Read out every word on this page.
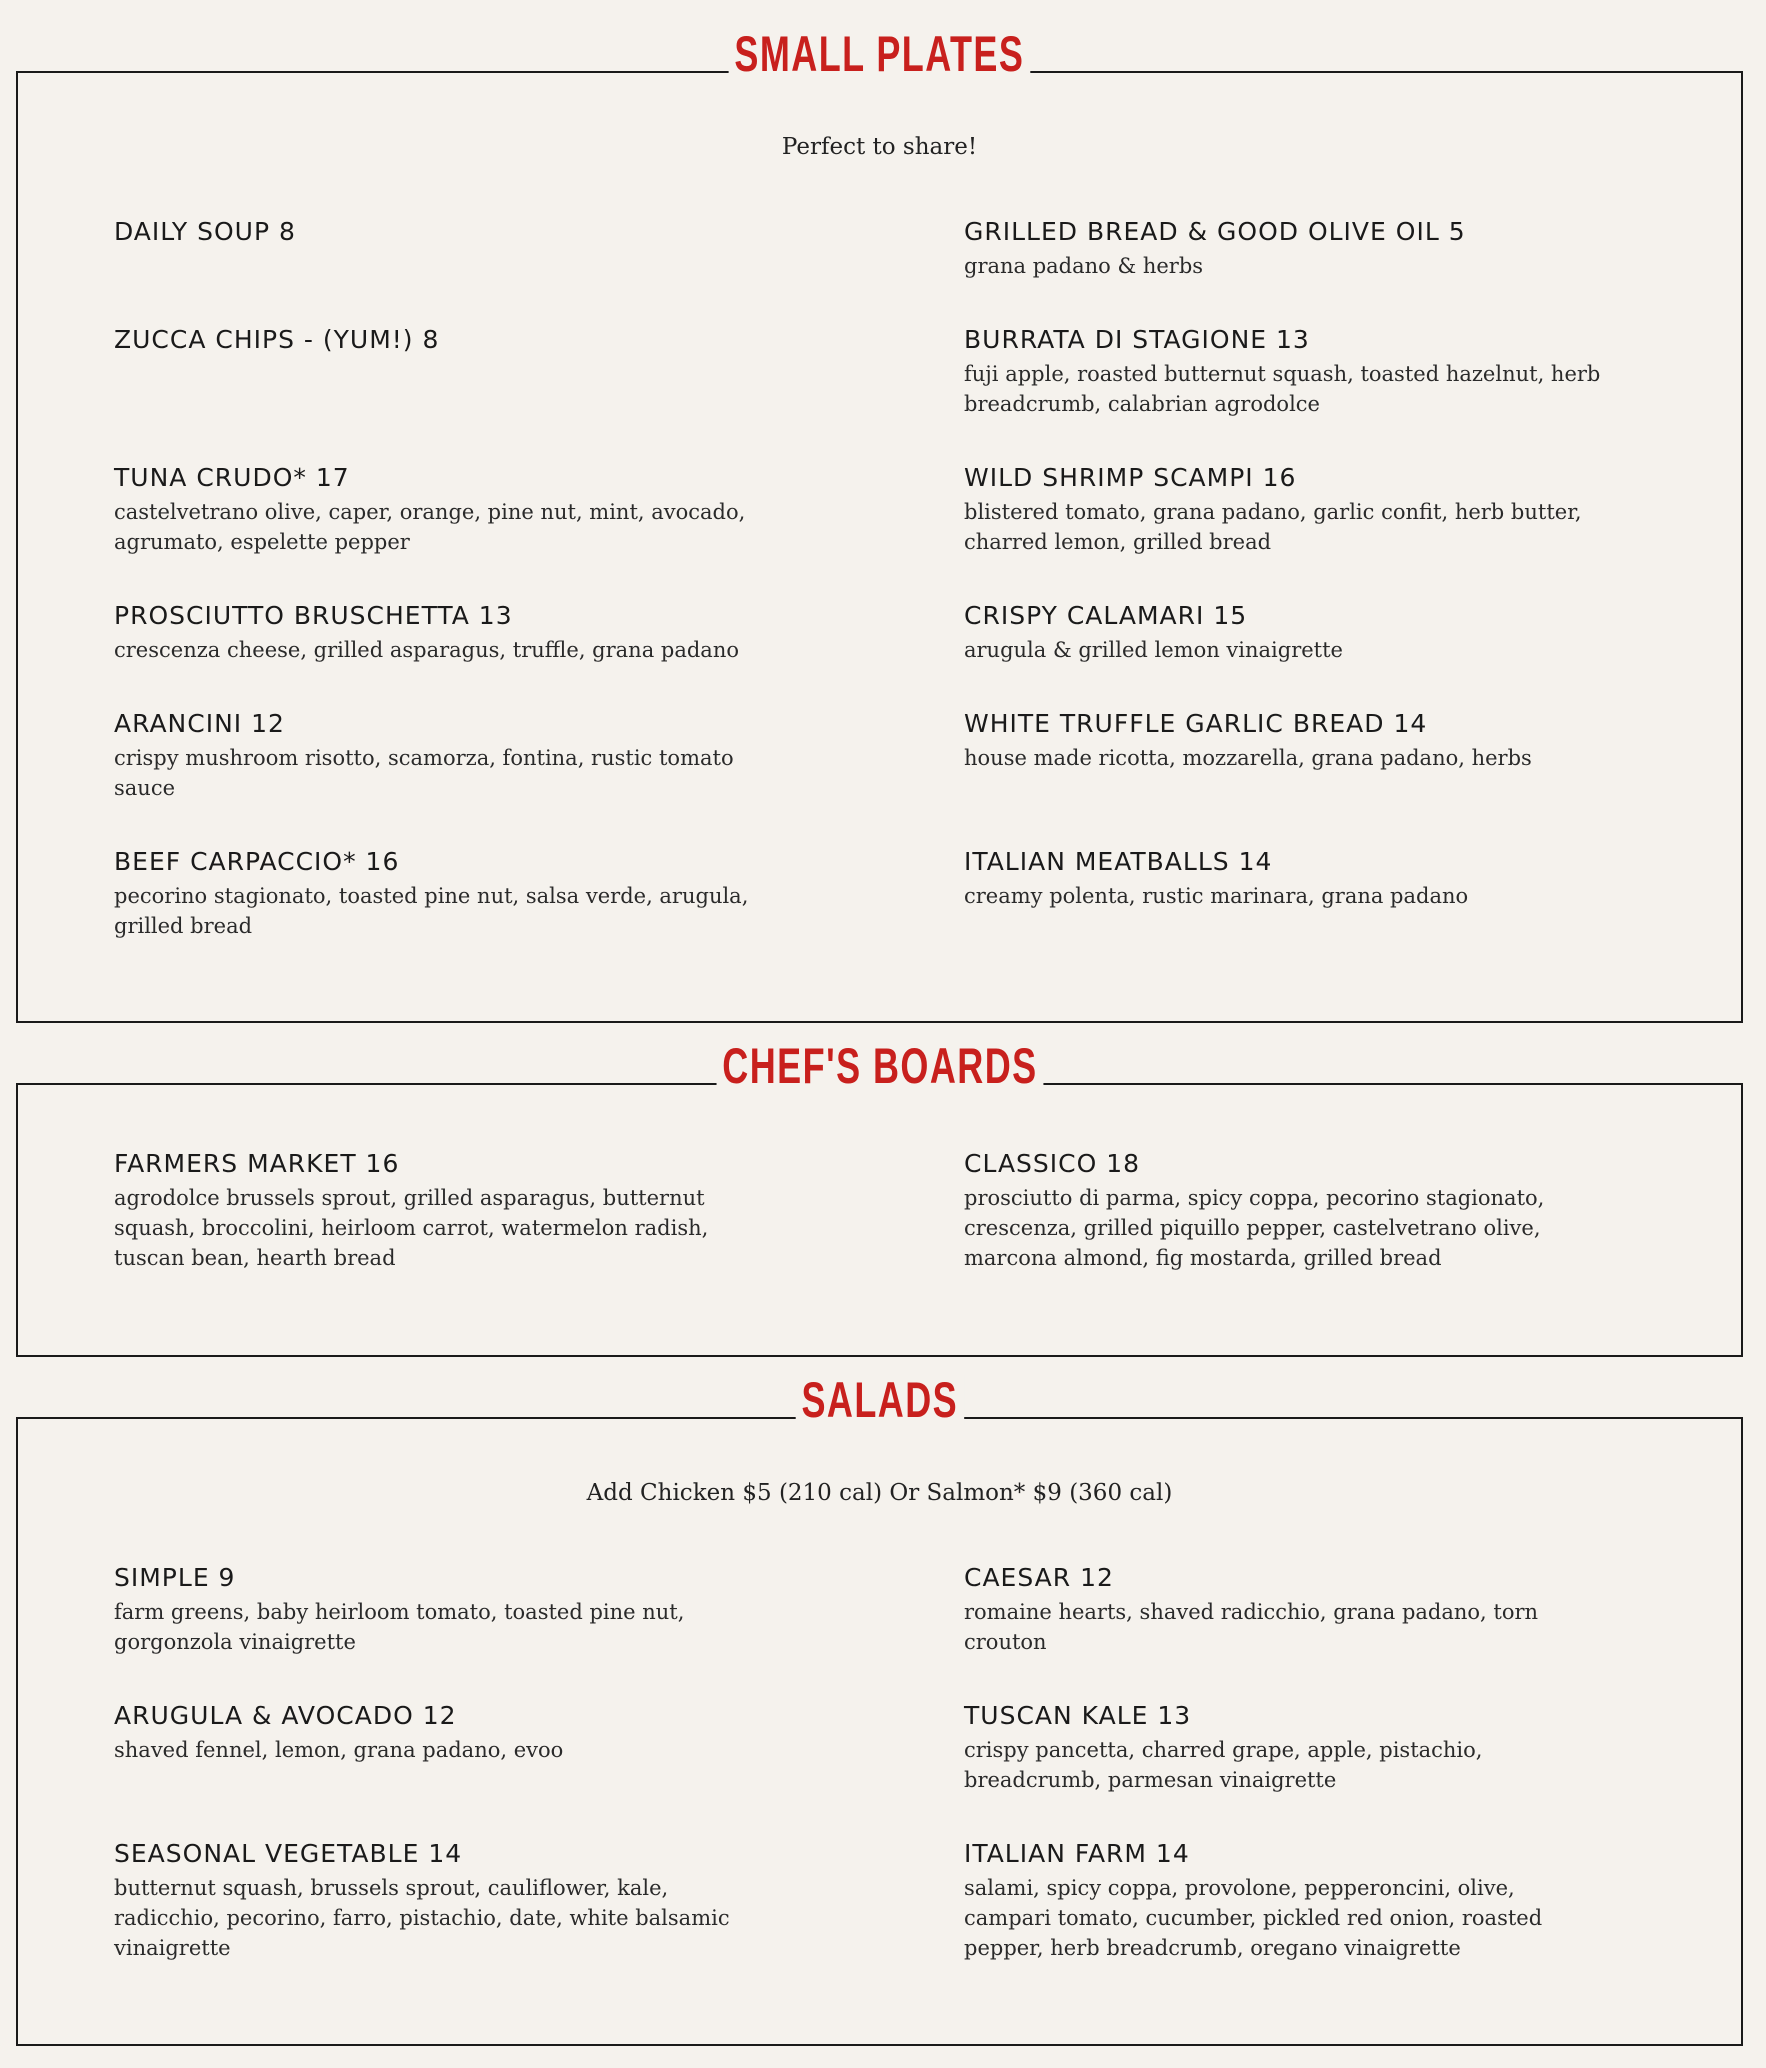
SMALL PLATES
Perfect to share!
DAILY SOUP 8	GRILLED BREAD & GOOD OLIVE OIL 5
grana padano & herbs
ZUCCA CHIPS - (YUM!) 8	BURRATA DI STAGIONE 13
fuji apple, roasted butternut squash, toasted hazelnut, herb breadcrumb, calabrian agrodolce
TUNA CRUDO* 17
castelvetrano olive, caper, orange, pine nut, mint, avocado, agrumato, espelette pepper
WILD SHRIMP SCAMPI 16
blistered tomato, grana padano, garlic confit, herb butter, charred lemon, grilled bread
PROSCIUTTO BRUSCHETTA 13
crescenza cheese, grilled asparagus, truffle, grana padano
CRISPY CALAMARI 15
arugula & grilled lemon vinaigrette
ARANCINI 12
crispy mushroom risotto, scamorza, fontina, rustic tomato sauce
WHITE TRUFFLE GARLIC BREAD 14
house made ricotta, mozzarella, grana padano, herbs
BEEF CARPACCIO* 16
pecorino stagionato, toasted pine nut, salsa verde, arugula, grilled bread
ITALIAN MEATBALLS 14
creamy polenta, rustic marinara, grana padano
CHEF'S BOARDS
FARMERS MARKET 16
agrodolce brussels sprout, grilled asparagus, butternut squash, broccolini, heirloom carrot, watermelon radish, tuscan bean, hearth bread
CLASSICO 18
prosciutto di parma, spicy coppa, pecorino stagionato, crescenza, grilled piquillo pepper, castelvetrano olive, marcona almond, fig mostarda, grilled bread
SALADS
Add Chicken $5 (210 cal) Or Salmon* $9 (360 cal)
SIMPLE 9
farm greens, baby heirloom tomato, toasted pine nut, gorgonzola vinaigrette
CAESAR 12
romaine hearts, shaved radicchio, grana padano, torn crouton
ARUGULA & AVOCADO 12
shaved fennel, lemon, grana padano, evoo
TUSCAN KALE 13
crispy pancetta, charred grape, apple, pistachio, breadcrumb, parmesan vinaigrette
SEASONAL VEGETABLE 14
butternut squash, brussels sprout, cauliflower, kale, radicchio, pecorino, farro, pistachio, date, white balsamic vinaigrette
ITALIAN FARM 14
salami, spicy coppa, provolone, pepperoncini, olive, campari tomato, cucumber, pickled red onion, roasted pepper, herb breadcrumb, oregano vinaigrette
